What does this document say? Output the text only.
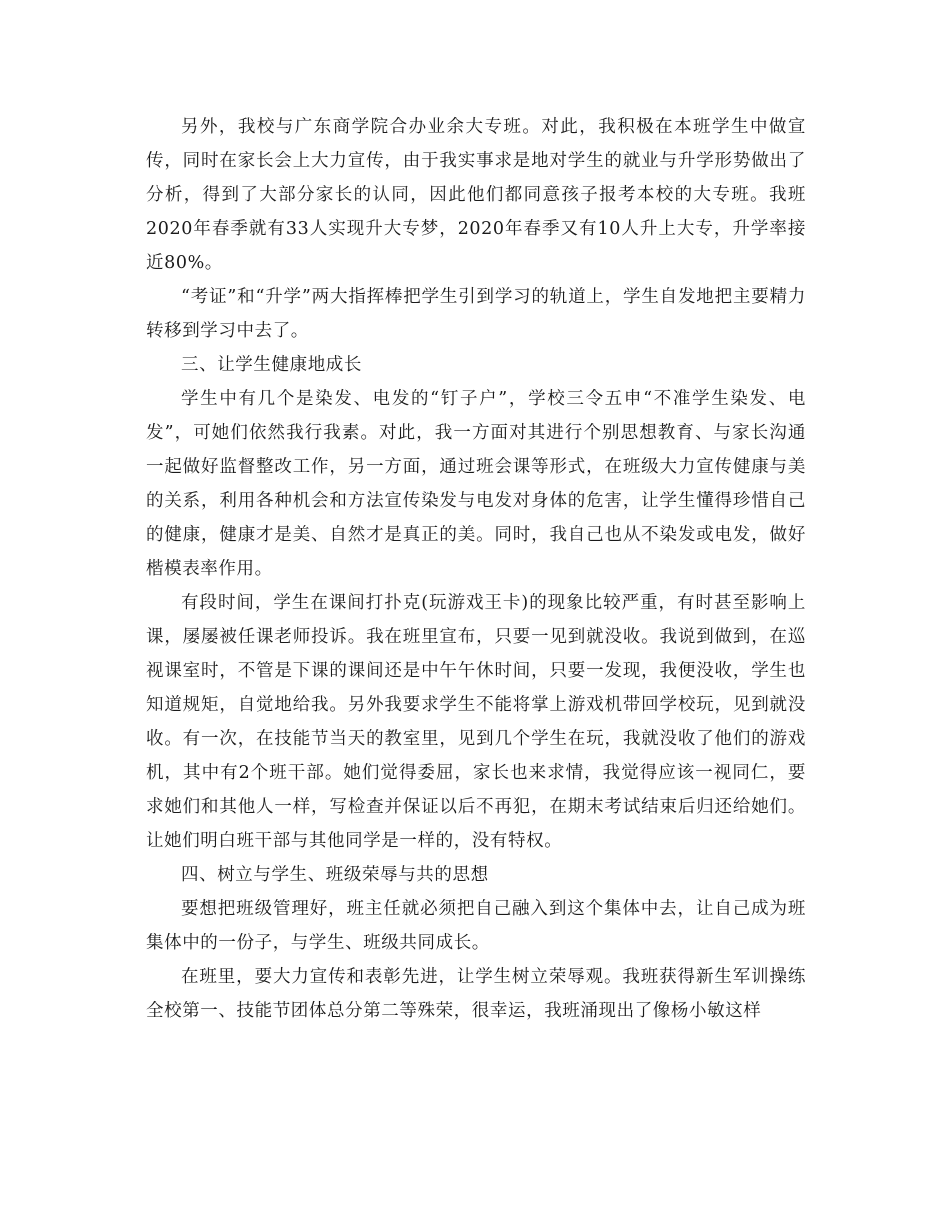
另外，我校与广东商学院合办业余大专班。对此，我积极在本班学生中做宣传，同时在家长会上大力宣传，由于我实事求是地对学生的就业与升学形势做出了分析，得到了大部分家长的认同，因此他们都同意孩子报考本校的大专班。我班2020年春季就有33人实现升大专梦，2020年春季又有10人升上大专，升学率接近80%。

“考证”和“升学”两大指挥棒把学生引到学习的轨道上，学生自发地把主要精力转移到学习中去了。

三、让学生健康地成长

学生中有几个是染发、电发的“钉子户”，学校三令五申“不准学生染发、电发”，可她们依然我行我素。对此，我一方面对其进行个别思想教育、与家长沟通一起做好监督整改工作，另一方面，通过班会课等形式，在班级大力宣传健康与美的关系，利用各种机会和方法宣传染发与电发对身体的危害，让学生懂得珍惜自己的健康，健康才是美、自然才是真正的美。同时，我自己也从不染发或电发，做好楷模表率作用。

有段时间，学生在课间打扑克(玩游戏王卡)的现象比较严重，有时甚至影响上课，屡屡被任课老师投诉。我在班里宣布，只要一见到就没收。我说到做到，在巡视课室时，不管是下课的课间还是中午午休时间，只要一发现，我便没收，学生也知道规矩，自觉地给我。另外我要求学生不能将掌上游戏机带回学校玩，见到就没收。有一次，在技能节当天的教室里，见到几个学生在玩，我就没收了他们的游戏机，其中有2个班干部。她们觉得委屈，家长也来求情，我觉得应该一视同仁，要求她们和其他人一样，写检查并保证以后不再犯，在期末考试结束后归还给她们。让她们明白班干部与其他同学是一样的，没有特权。

四、树立与学生、班级荣辱与共的思想

要想把班级管理好，班主任就必须把自己融入到这个集体中去，让自己成为班集体中的一份子，与学生、班级共同成长。

在班里，要大力宣传和表彰先进，让学生树立荣辱观。我班获得新生军训操练全校第一、技能节团体总分第二等殊荣，很幸运，我班涌现出了像杨小敏这样
